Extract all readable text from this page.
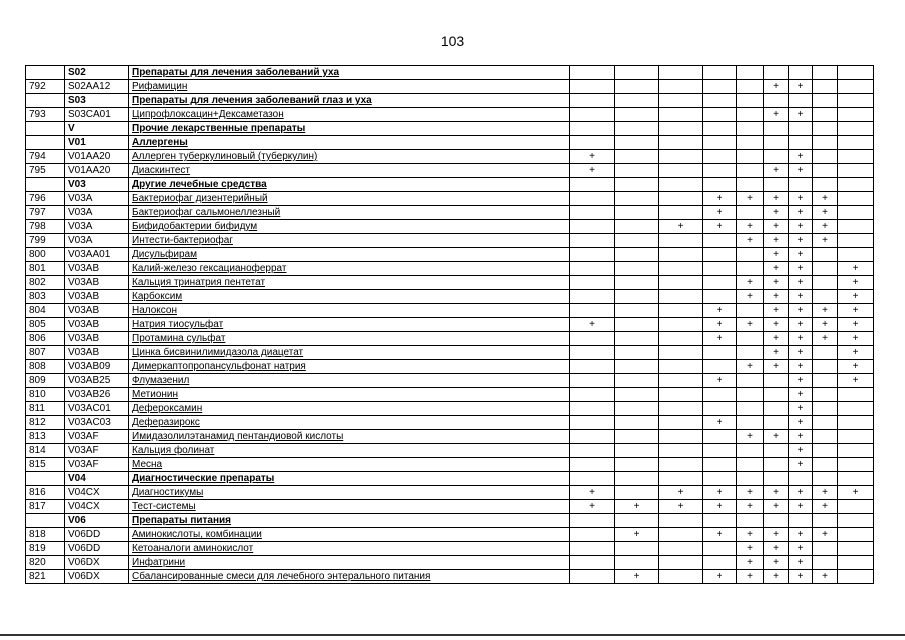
103
	S02	Препараты для лечения заболеваний уха									
792	S02AA12	Рифамицин						+	+		
	S03	Препараты для лечения заболеваний глаз и уха									
793	S03CA01	Ципрофлоксацин+Дексаметазон						+	+		
	V	Прочие лекарственные препараты									
	V01	Аллергены									
794	V01AA20	Аллерген туберкулиновый (туберкулин)	+						+		
795	V01AA20	Диаскинтест	+					+	+		
	V03	Другие лечебные средства									
796	V03A	Бактериофаг дизентерийный				+	+	+	+	+	
797	V03A	Бактериофаг сальмонеллезный				+		+	+	+	
798	V03A	Бифидобактерии бифидум			+	+	+	+	+	+	
799	V03A	Интести-бактериофаг					+	+	+	+	
800	V03AA01	Дисульфирам						+	+		
801	V03AB	Калий-железо гексацианоферрат						+	+		+
802	V03AB	Кальция тринатрия пентетат					+	+	+		+
803	V03AB	Карбоксим					+	+	+		+
804	V03AB	Налоксон				+		+	+	+	+
805	V03AB	Натрия тиосульфат	+			+	+	+	+	+	+
806	V03AB	Протамина сульфат				+		+	+	+	+
807	V03AB	Цинка бисвинилимидазола диацетат						+	+		+
808	V03AB09	Димеркаптопропансульфонат натрия					+	+	+		+
809	V03AB25	Флумазенил				+			+		+
810	V03AB26	Метионин							+		
811	V03AC01	Деферoксамин							+		
812	V03AC03	Деферазирокс				+			+		
813	V03AF	Имидазолилэтанамид пентандиовой кислоты					+	+	+		
814	V03AF	Кальция фолинат							+		
815	V03AF	Месна							+		
	V04	Диагностические препараты									
816	V04CX	Диагностикумы	+		+	+	+	+	+	+	+
817	V04CX	Тест-системы	+	+	+	+	+	+	+	+	
	V06	Препараты питания									
818	V06DD	Аминокислоты, комбинации		+		+	+	+	+	+	
819	V06DD	Кетоаналоги аминокислот					+	+	+		
820	V06DX	Инфатрини					+	+	+		
821	V06DX	Сбалансированные смеси для лечебного энтерального питания		+		+	+	+	+	+	
